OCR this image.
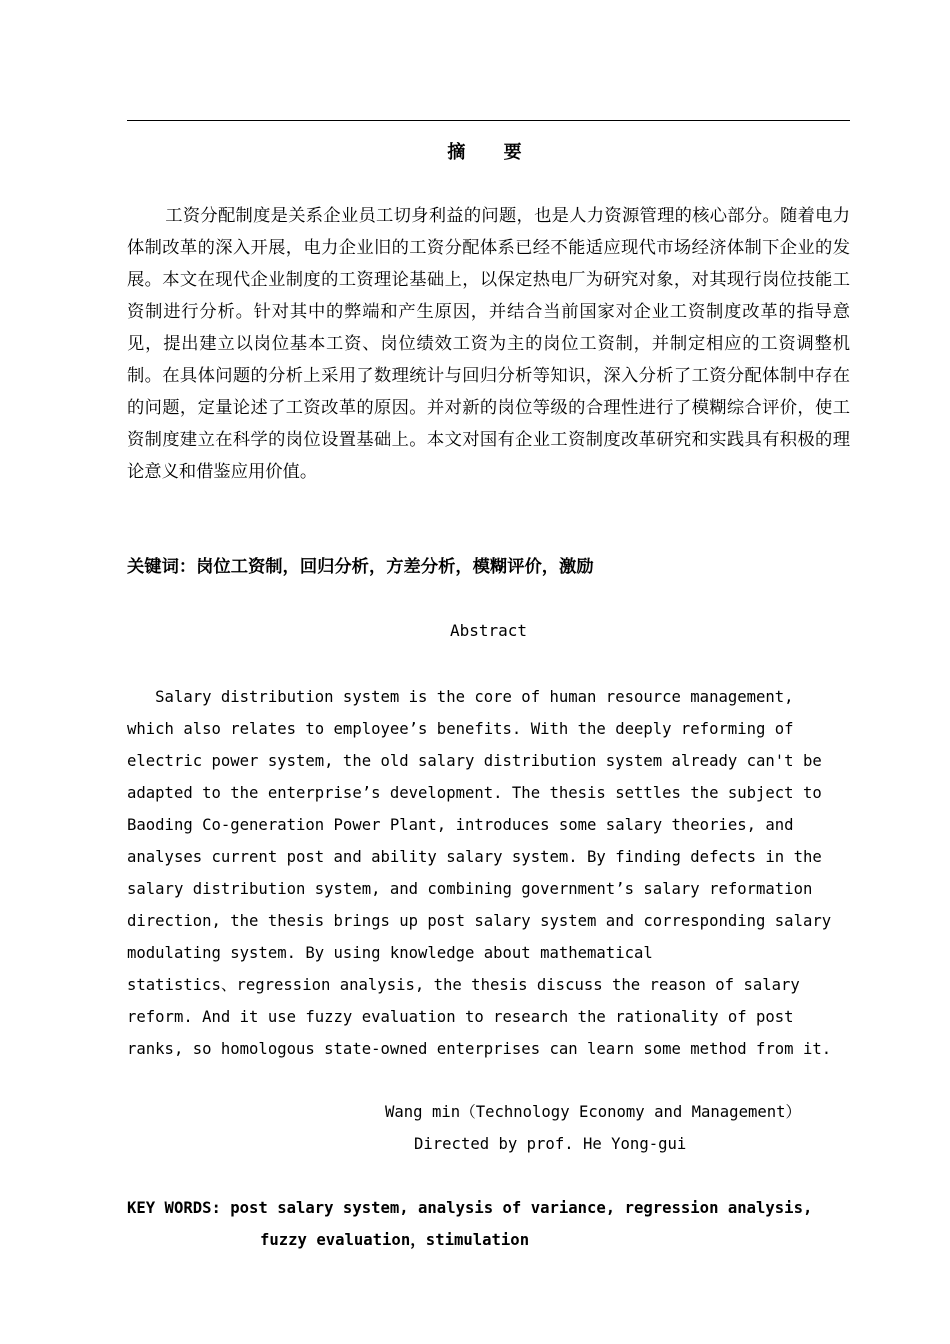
摘 要

工资分配制度是关系企业员工切身利益的问题，也是人力资源管理的核心部分。随着电力体制改革的深入开展，电力企业旧的工资分配体系已经不能适应现代市场经济体制下企业的发展。本文在现代企业制度的工资理论基础上，以保定热电厂为研究对象，对其现行岗位技能工资制进行分析。针对其中的弊端和产生原因，并结合当前国家对企业工资制度改革的指导意见，提出建立以岗位基本工资、岗位绩效工资为主的岗位工资制，并制定相应的工资调整机制。在具体问题的分析上采用了数理统计与回归分析等知识，深入分析了工资分配体制中存在的问题，定量论述了工资改革的原因。并对新的岗位等级的合理性进行了模糊综合评价，使工资制度建立在科学的岗位设置基础上。本文对国有企业工资制度改革研究和实践具有积极的理论意义和借鉴应用价值。

关键词：岗位工资制，回归分析，方差分析，模糊评价，激励
Abstract
Salary distribution system is the core of human resource management,
which also relates to employee’s benefits. With the deeply reforming of
electric power system, the old salary distribution system already can't be
adapted to the enterprise’s development. The thesis settles the subject to
Baoding Co-generation Power Plant, introduces some salary theories, and
analyses current post and ability salary system. By finding defects in the
salary distribution system, and combining government’s salary reformation
direction, the thesis brings up post salary system and corresponding salary
modulating system. By using knowledge about mathematical
statistics、regression analysis, the thesis discuss the reason of salary
reform. And it use fuzzy evaluation to research the rationality of post
ranks, so homologous state-owned enterprises can learn some method from it.
Wang min（Technology Economy and Management）
Directed by prof. He Yong-gui
KEY WORDS: post salary system, analysis of variance, regression analysis,
fuzzy evaluation，stimulation
